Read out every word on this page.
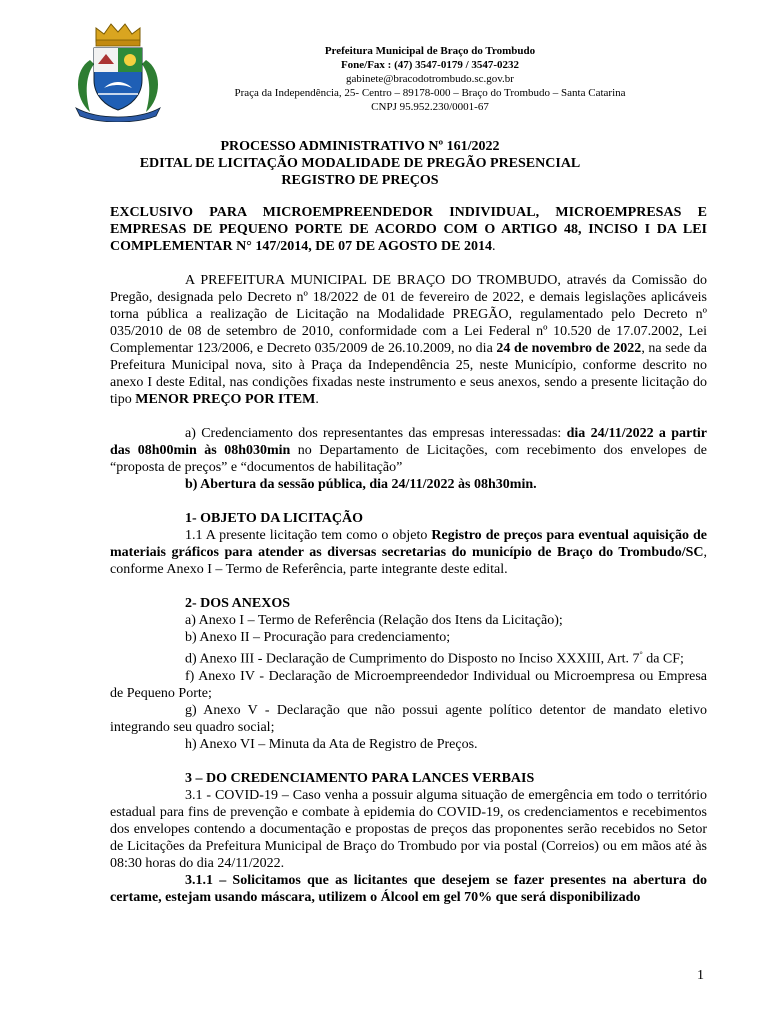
Prefeitura Municipal de Braço do Trombudo
Fone/Fax : (47) 3547-0179 / 3547-0232
gabinete@bracodotrombudo.sc.gov.br
Praça da Independência, 25- Centro – 89178-000 – Braço do Trombudo – Santa Catarina
CNPJ 95.952.230/0001-67
PROCESSO ADMINISTRATIVO Nº 161/2022
EDITAL DE LICITAÇÃO MODALIDADE DE PREGÃO PRESENCIAL
REGISTRO DE PREÇOS

EXCLUSIVO PARA MICROEMPREENDEDOR INDIVIDUAL, MICROEMPRESAS E EMPRESAS DE PEQUENO PORTE DE ACORDO COM O ARTIGO 48, INCISO I DA LEI COMPLEMENTAR N° 147/2014, DE 07 DE AGOSTO DE 2014.

A PREFEITURA MUNICIPAL DE BRAÇO DO TROMBUDO, através da Comissão do Pregão, designada pelo Decreto nº 18/2022 de 01 de fevereiro de 2022, e demais legislações aplicáveis torna pública a realização de Licitação na Modalidade PREGÃO, regulamentado pelo Decreto nº 035/2010 de 08 de setembro de 2010, conformidade com a Lei Federal nº 10.520 de 17.07.2002, Lei Complementar 123/2006, e Decreto 035/2009 de 26.10.2009, no dia 24 de novembro de 2022, na sede da Prefeitura Municipal nova, sito à Praça da Independência 25, neste Município, conforme descrito no anexo I deste Edital, nas condições fixadas neste instrumento e seus anexos, sendo a presente licitação do tipo MENOR PREÇO POR ITEM.

a) Credenciamento dos representantes das empresas interessadas: dia 24/11/2022 a partir das 08h00min às 08h030min no Departamento de Licitações, com recebimento dos envelopes de “proposta de preços” e “documentos de habilitação”

b) Abertura da sessão pública, dia 24/11/2022 às 08h30min.

1- OBJETO DA LICITAÇÃO

1.1 A presente licitação tem como o objeto Registro de preços para eventual aquisição de materiais gráficos para atender as diversas secretarias do município de Braço do Trombudo/SC, conforme Anexo I – Termo de Referência, parte integrante deste edital.

2- DOS ANEXOS

a) Anexo I – Termo de Referência (Relação dos Itens da Licitação);

b) Anexo II – Procuração para credenciamento;

d) Anexo III - Declaração de Cumprimento do Disposto no Inciso XXXIII, Art. 7° da CF;

f) Anexo IV - Declaração de Microempreendedor Individual ou Microempresa ou Empresa de Pequeno Porte;

g) Anexo V - Declaração que não possui agente político detentor de mandato eletivo integrando seu quadro social;

h) Anexo VI – Minuta da Ata de Registro de Preços.

3 – DO CREDENCIAMENTO PARA LANCES VERBAIS

3.1 - COVID-19 – Caso venha a possuir alguma situação de emergência em todo o território estadual para fins de prevenção e combate à epidemia do COVID-19, os credenciamentos e recebimentos dos envelopes contendo a documentação e propostas de preços das proponentes serão recebidos no Setor de Licitações da Prefeitura Municipal de Braço do Trombudo por via postal (Correios) ou em mãos até às 08:30 horas do dia 24/11/2022.

3.1.1 – Solicitamos que as licitantes que desejem se fazer presentes na abertura do certame, estejam usando máscara, utilizem o Álcool em gel 70% que será disponibilizado

1
